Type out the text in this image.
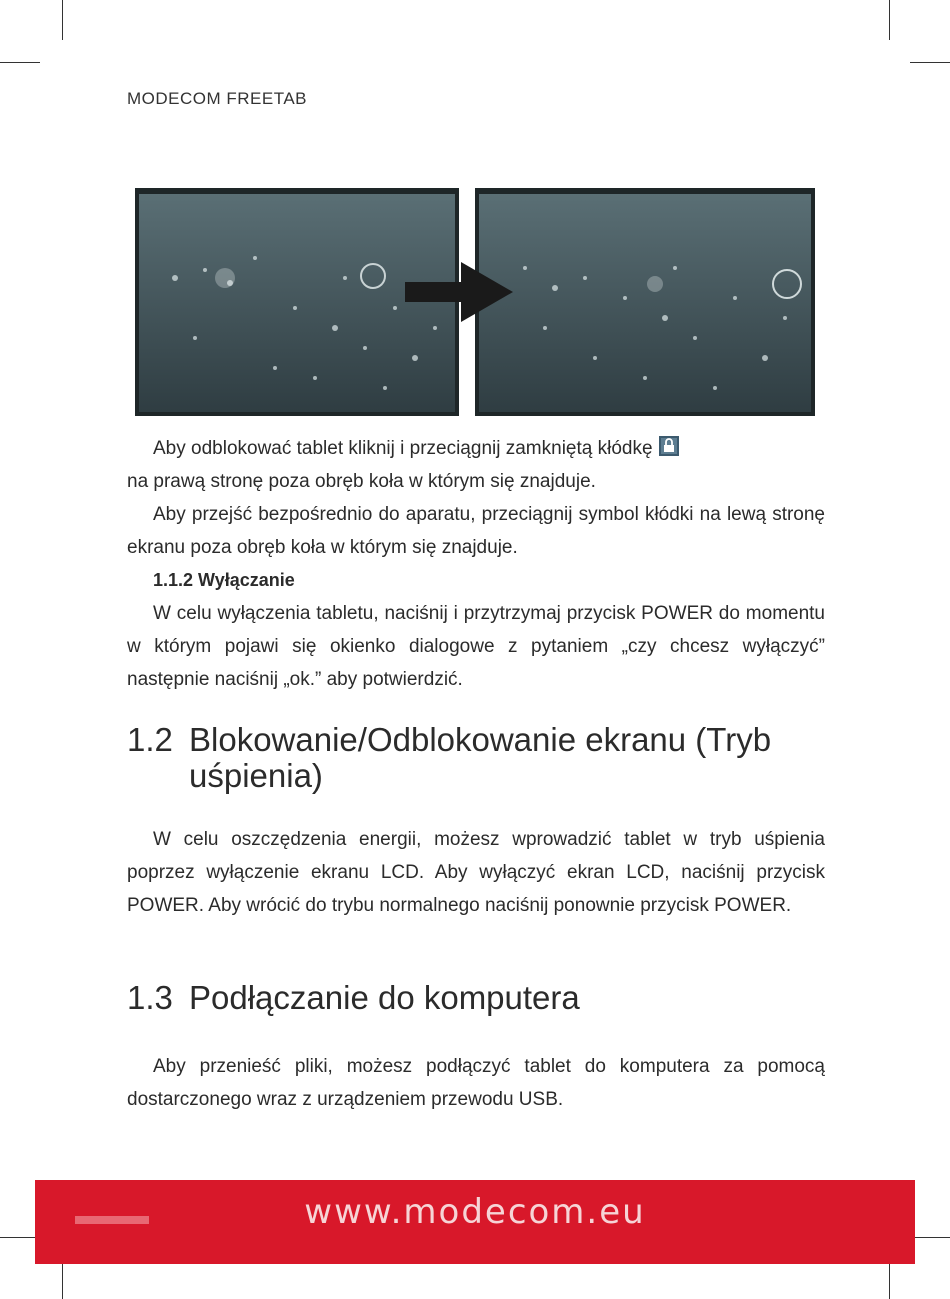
MODECOM FREETAB

Aby odblokować tablet kliknij i przeciągnij zamkniętą kłódkę

na prawą stronę poza obręb koła w którym się znajduje.

Aby przejść bezpośrednio do aparatu, przeciągnij symbol kłódki na lewą stronę ekranu poza obręb koła w którym się znajduje.

1.1.2 Wyłączanie

W celu wyłączenia tabletu, naciśnij i przytrzymaj przycisk POWER do momentu w którym pojawi się okienko dialogowe z pytaniem „czy chcesz wyłączyć” następnie naciśnij „ok.” aby potwierdzić.

1.2 Blokowanie/Odblokowanie ekranu (Tryb
uśpienia)

W celu oszczędzenia energii, możesz wprowadzić tablet w tryb uśpienia poprzez wyłączenie ekranu LCD. Aby wyłączyć ekran LCD, naciśnij przycisk POWER. Aby wrócić do trybu normalnego naciśnij ponownie przycisk POWER.

1.3 Podłączanie do komputera

Aby przenieść pliki, możesz podłączyć tablet do komputera za pomocą dostarczonego wraz z urządzeniem przewodu USB.

www.modecom.eu
